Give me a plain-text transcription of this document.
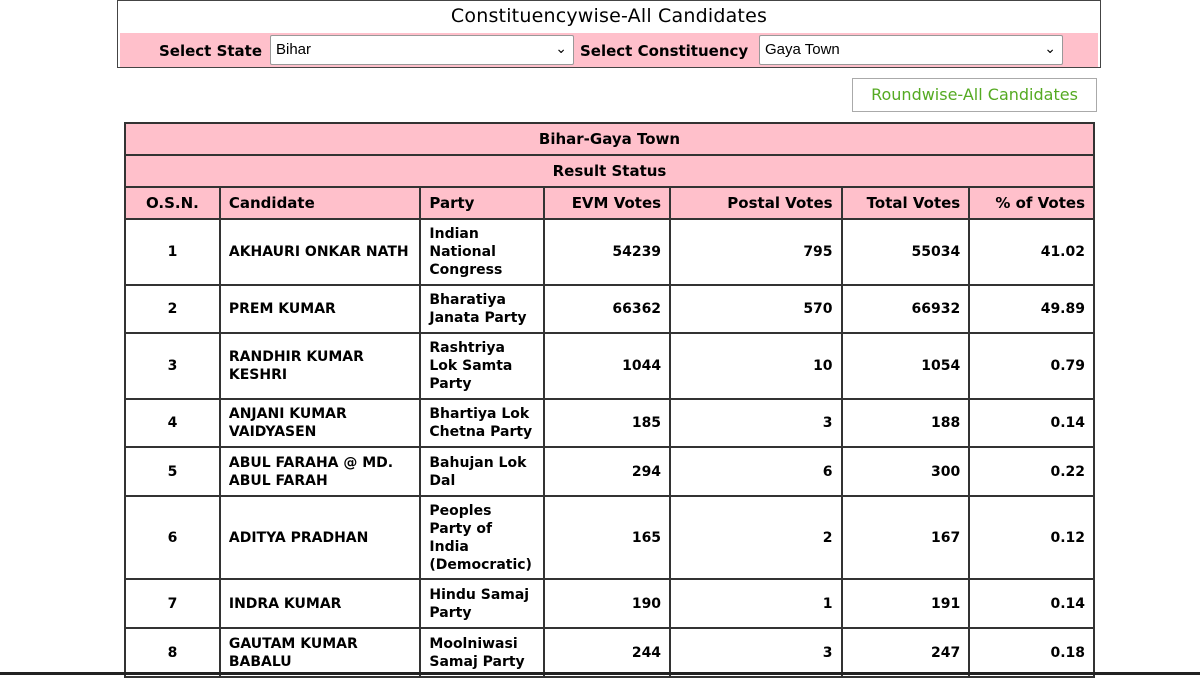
Constituencywise-All Candidates
Select State Bihar	⌄ Select Constituency Gaya Town	⌄
Roundwise-All Candidates
Bihar-Gaya Town						
Result Status						
O.S.N.	Candidate	Party	EVM Votes	Postal Votes	Total Votes	% of Votes
1	AKHAURI ONKAR NATH	Indian National Congress	54239	795	55034	41.02
2	PREM KUMAR	Bharatiya Janata Party	66362	570	66932	49.89
3	RANDHIR KUMAR KESHRI	Rashtriya Lok Samta Party	1044	10	1054	0.79
4	ANJANI KUMAR VAIDYASEN	Bhartiya Lok Chetna Party	185	3	188	0.14
5	ABUL FARAHA @ MD. ABUL FARAH	Bahujan Lok Dal	294	6	300	0.22
6	ADITYA PRADHAN	Peoples Party of India (Democratic)	165	2	167	0.12
7	INDRA KUMAR	Hindu Samaj Party	190	1	191	0.14
8	GAUTAM KUMAR BABALU	Moolniwasi Samaj Party	244	3	247	0.18
